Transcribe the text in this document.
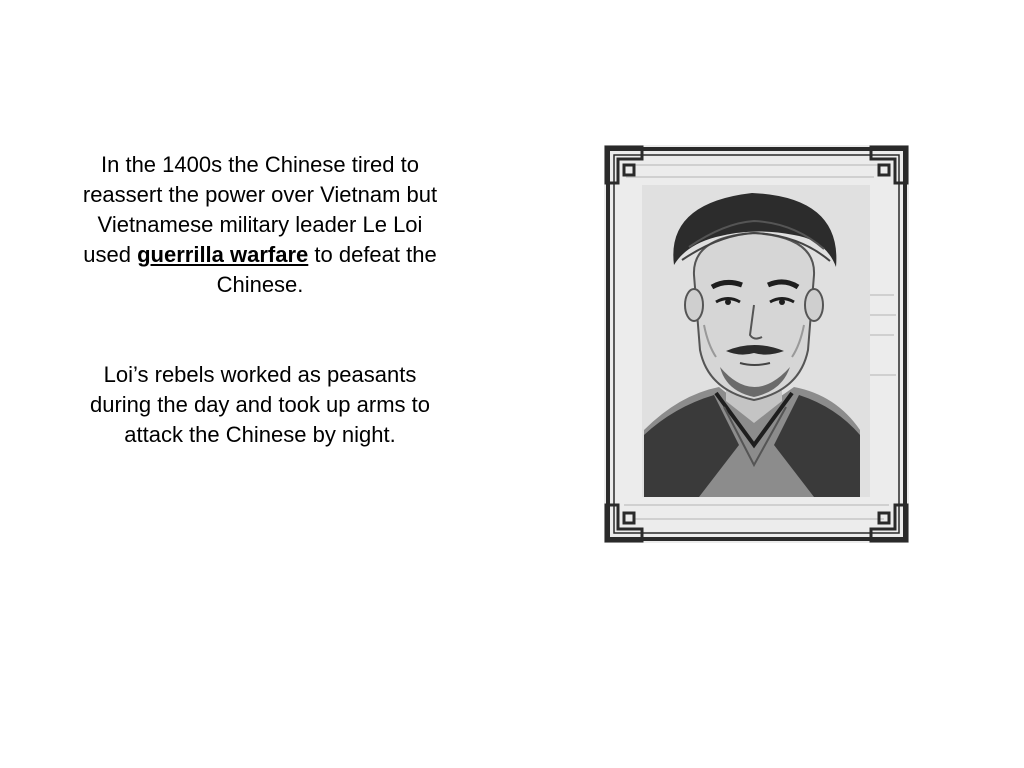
In the 1400s the Chinese tired to reassert the power over Vietnam but Vietnamese military leader Le Loi used guerrilla warfare to defeat the Chinese.

Loi’s rebels worked as peasants during the day and took up arms to attack the Chinese by night.
